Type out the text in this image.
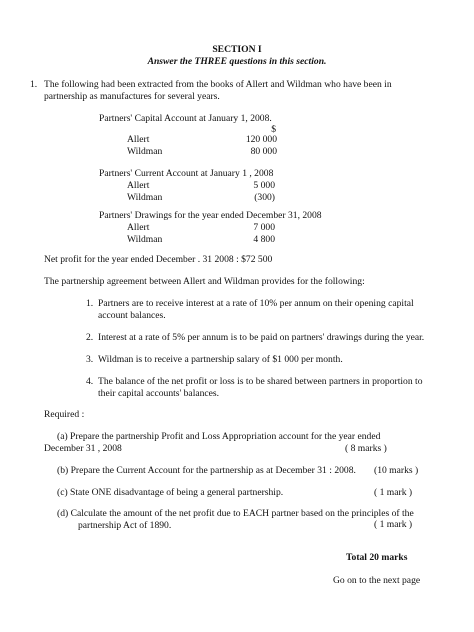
SECTION I
Answer the THREE questions in this section.
1. The following had been extracted from the books of Allert and Wildman who have been in
partnership as manufactures for several years.
Partners' Capital Account at January 1, 2008.
$
Allert	120 000
Wildman	80 000
Partners' Current Account at January 1 , 2008
Allert	5 000
Wildman	(300)
Partners' Drawings for the year ended December 31, 2008
Allert	7 000
Wildman	4 800
Net profit for the year ended December . 31 2008 : $72 500
The partnership agreement between Allert and Wildman provides for the following:
1. Partners are to receive interest at a rate of 10% per annum on their opening capital
account balances.
2. Interest at a rate of 5% per annum is to be paid on partners' drawings during the year.
3. Wildman is to receive a partnership salary of $1 000 per month.
4. The balance of the net profit or loss is to be shared between partners in proportion to
their capital accounts' balances.
Required :
(a) Prepare the partnership Profit and Loss Appropriation account for the year ended
December 31 , 2008	( 8 marks )
(b) Prepare the Current Account for the partnership as at December 31 : 2008. (10 marks )
(c) State ONE disadvantage of being a general partnership.	( 1 mark )
(d) Calculate the amount of the net profit due to EACH partner based on the principles of the
partnership Act of 1890.	( 1 mark )
Total 20 marks
Go on to the next page
